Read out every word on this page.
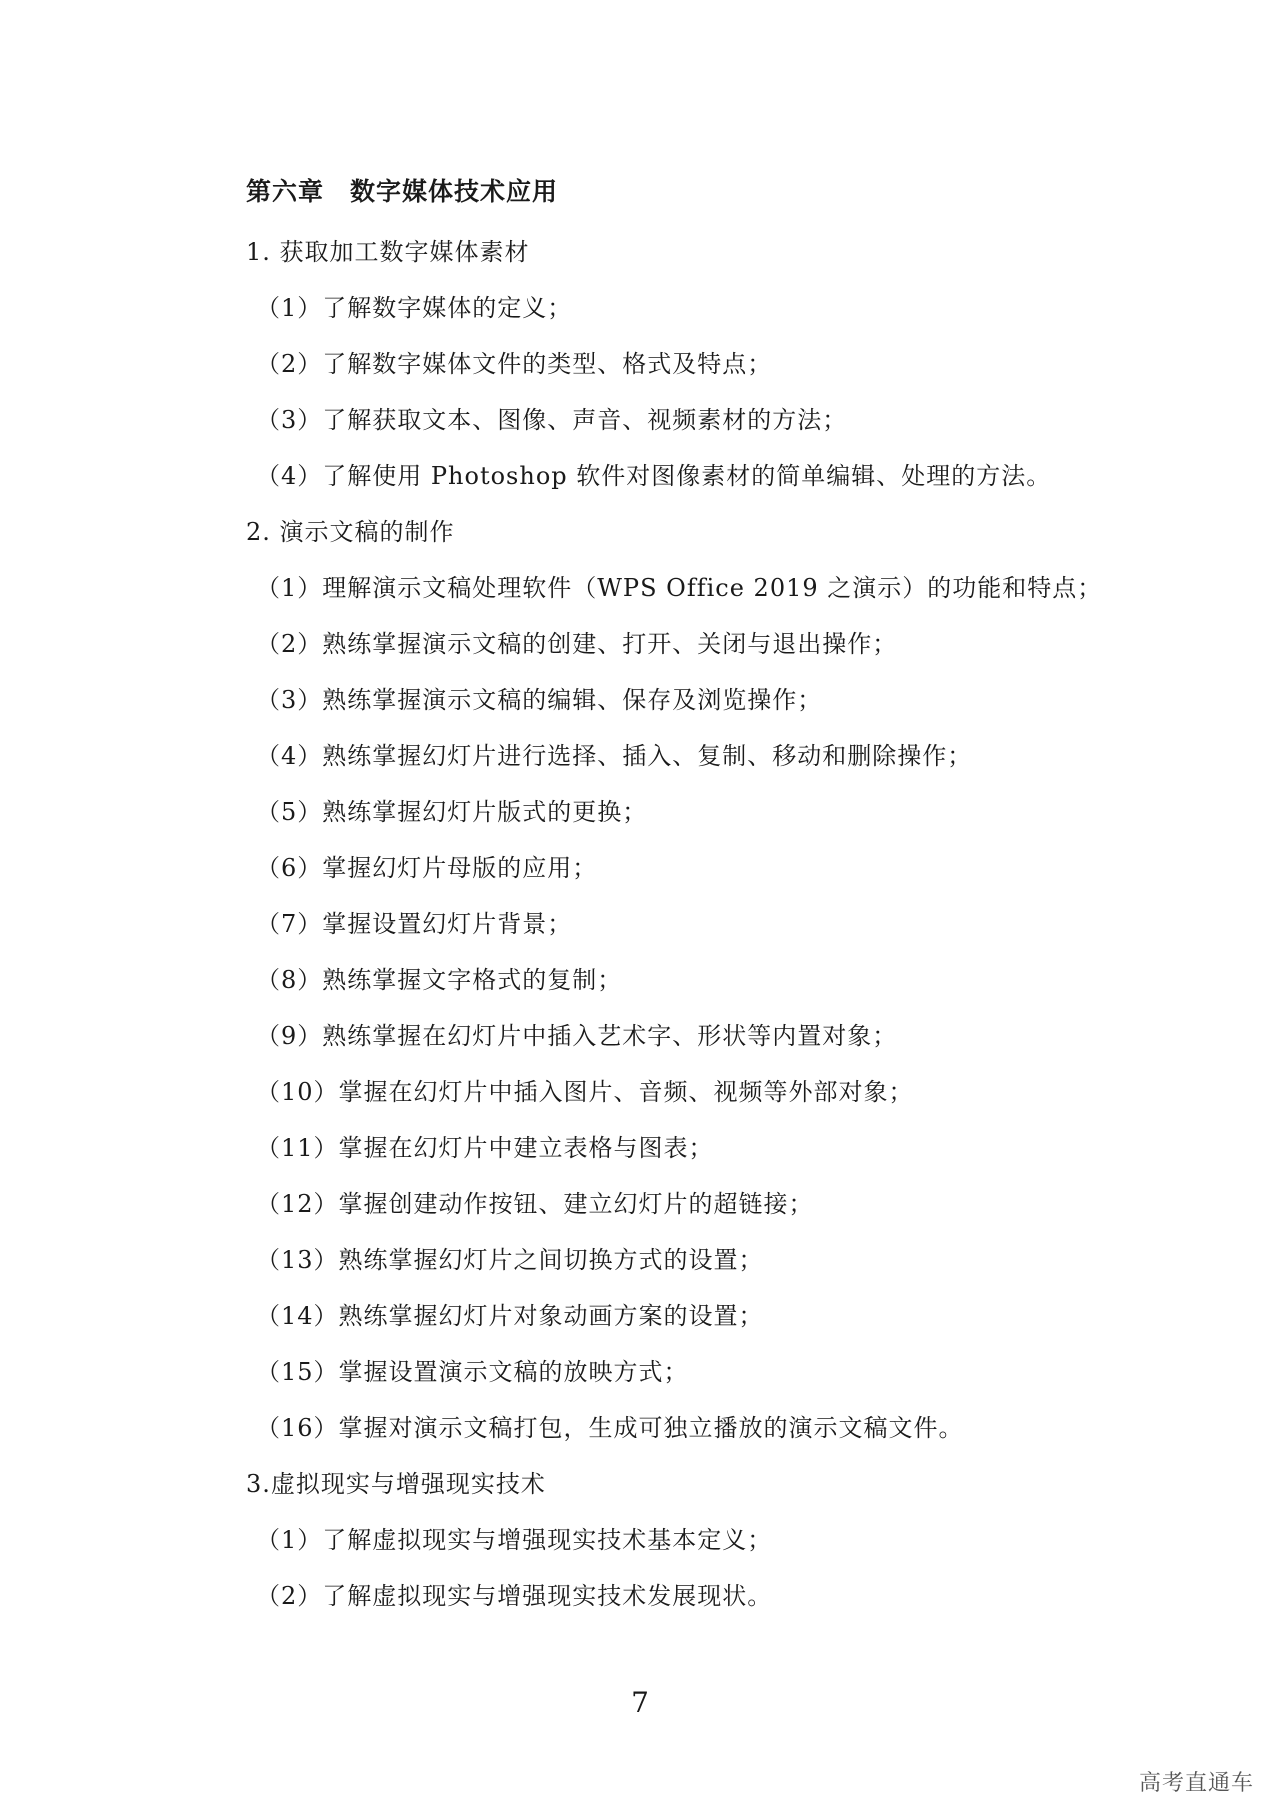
第六章　数字媒体技术应用
1. 获取加工数字媒体素材
（1）了解数字媒体的定义；
（2）了解数字媒体文件的类型、格式及特点；
（3）了解获取文本、图像、声音、视频素材的方法；
（4）了解使用 Photoshop 软件对图像素材的简单编辑、处理的方法。
2. 演示文稿的制作
（1）理解演示文稿处理软件（WPS Office 2019 之演示）的功能和特点；
（2）熟练掌握演示文稿的创建、打开、关闭与退出操作；
（3）熟练掌握演示文稿的编辑、保存及浏览操作；
（4）熟练掌握幻灯片进行选择、插入、复制、移动和删除操作；
（5）熟练掌握幻灯片版式的更换；
（6）掌握幻灯片母版的应用；
（7）掌握设置幻灯片背景；
（8）熟练掌握文字格式的复制；
（9）熟练掌握在幻灯片中插入艺术字、形状等内置对象；
（10）掌握在幻灯片中插入图片、音频、视频等外部对象；
（11）掌握在幻灯片中建立表格与图表；
（12）掌握创建动作按钮、建立幻灯片的超链接；
（13）熟练掌握幻灯片之间切换方式的设置；
（14）熟练掌握幻灯片对象动画方案的设置；
（15）掌握设置演示文稿的放映方式；
（16）掌握对演示文稿打包，生成可独立播放的演示文稿文件。
3.虚拟现实与增强现实技术
（1）了解虚拟现实与增强现实技术基本定义；
（2）了解虚拟现实与增强现实技术发展现状。
7
高考直通车
